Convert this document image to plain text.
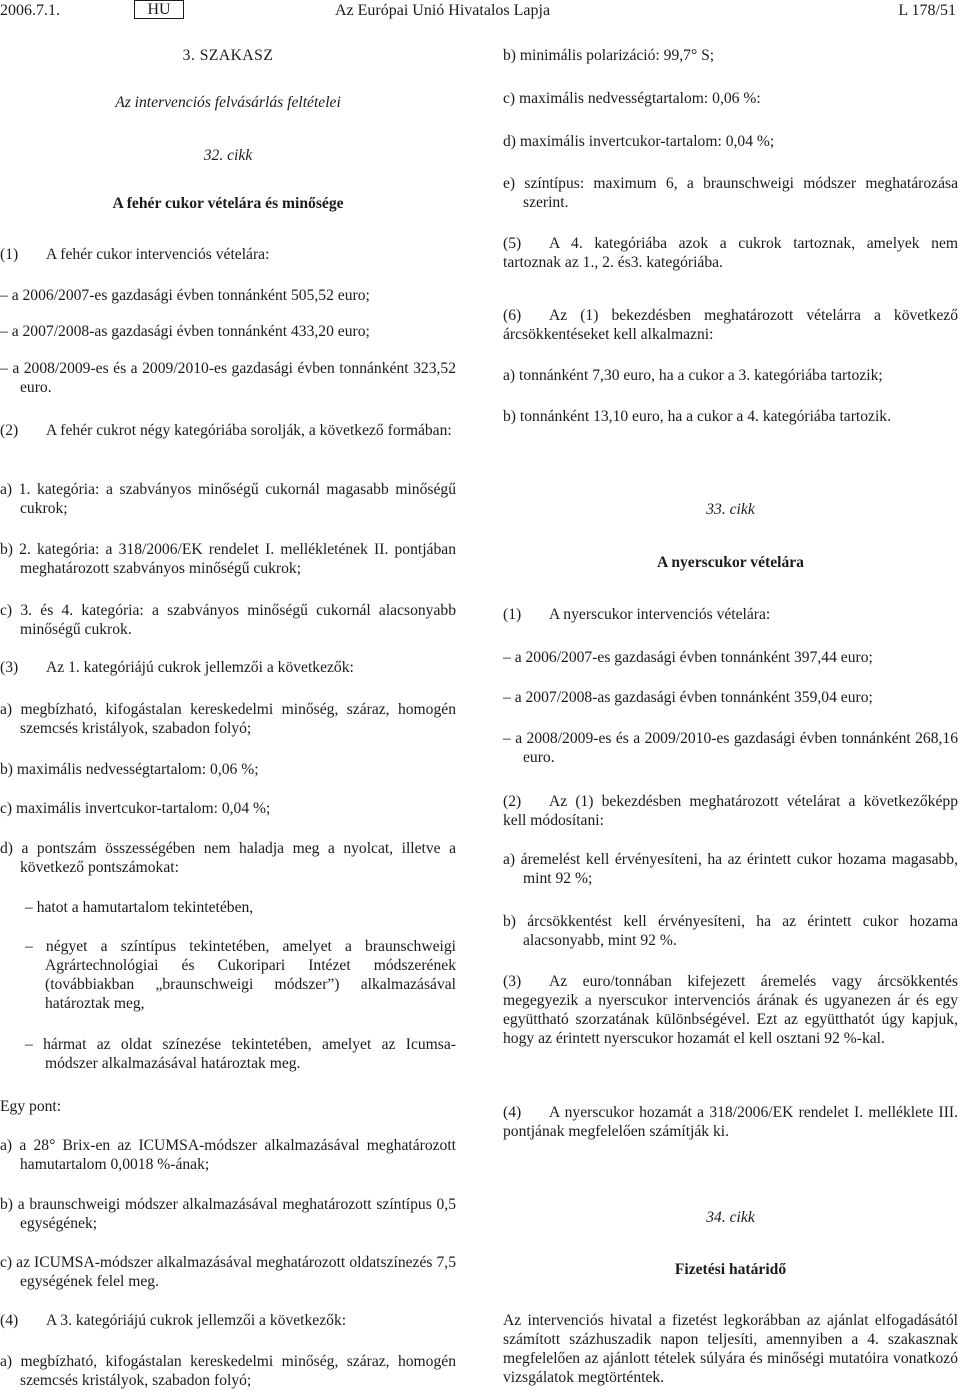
2006.7.1.	HU	Az Európai Unió Hivatalos Lapja	L 178/51
3. SZAKASZ
Az intervenciós felvásárlás feltételei
32. cikk
A fehér cukor vételára és minősége
(1) A fehér cukor intervenciós vételára:
– a 2006/2007-es gazdasági évben tonnánként 505,52 euro;
– a 2007/2008-as gazdasági évben tonnánként 433,20 euro;
– a 2008/2009-es és a 2009/2010-es gazdasági évben tonnánként 323,52 euro.
(2) A fehér cukrot négy kategóriába sorolják, a következő formában:
a) 1. kategória: a szabványos minőségű cukornál magasabb minőségű cukrok;
b) 2. kategória: a 318/2006/EK rendelet I. mellékletének II. pontjában meghatározott szabványos minőségű cukrok;
c) 3. és 4. kategória: a szabványos minőségű cukornál alacsonyabb minőségű cukrok.
(3) Az 1. kategóriájú cukrok jellemzői a következők:
a) megbízható, kifogástalan kereskedelmi minőség, száraz, homogén szemcsés kristályok, szabadon folyó;
b) maximális nedvességtartalom: 0,06 %;
c) maximális invertcukor-tartalom: 0,04 %;
d) a pontszám összességében nem haladja meg a nyolcat, illetve a következő pontszámokat:
– hatot a hamutartalom tekintetében,
– négyet a színtípus tekintetében, amelyet a braunschweigi Agrártechnológiai és Cukoripari Intézet módszerének (továbbiakban „braunschweigi módszer”) alkalmazásával határoztak meg,
– hármat az oldat színezése tekintetében, amelyet az Icumsa-módszer alkalmazásával határoztak meg.
Egy pont:
a) a 28° Brix-en az ICUMSA-módszer alkalmazásával meghatározott hamutartalom 0,0018 %-ának;
b) a braunschweigi módszer alkalmazásával meghatározott színtípus 0,5 egységének;
c) az ICUMSA-módszer alkalmazásával meghatározott oldatszínezés 7,5 egységének felel meg.
(4) A 3. kategóriájú cukrok jellemzői a következők:
a) megbízható, kifogástalan kereskedelmi minőség, száraz, homogén szemcsés kristályok, szabadon folyó;
b) minimális polarizáció: 99,7° S;
c) maximális nedvességtartalom: 0,06 %:
d) maximális invertcukor-tartalom: 0,04 %;
e) színtípus: maximum 6, a braunschweigi módszer meghatározása szerint.
(5) A 4. kategóriába azok a cukrok tartoznak, amelyek nem tartoznak az 1., 2. és3. kategóriába.
(6) Az (1) bekezdésben meghatározott vételárra a következő árcsökkentéseket kell alkalmazni:
a) tonnánként 7,30 euro, ha a cukor a 3. kategóriába tartozik;
b) tonnánként 13,10 euro, ha a cukor a 4. kategóriába tartozik.
33. cikk
A nyerscukor vételára
(1) A nyerscukor intervenciós vételára:
– a 2006/2007-es gazdasági évben tonnánként 397,44 euro;
– a 2007/2008-as gazdasági évben tonnánként 359,04 euro;
– a 2008/2009-es és a 2009/2010-es gazdasági évben tonnánként 268,16 euro.
(2) Az (1) bekezdésben meghatározott vételárat a következőképp kell módosítani:
a) áremelést kell érvényesíteni, ha az érintett cukor hozama magasabb, mint 92 %;
b) árcsökkentést kell érvényesíteni, ha az érintett cukor hozama alacsonyabb, mint 92 %.
(3) Az euro/tonnában kifejezett áremelés vagy árcsökkentés megegyezik a nyerscukor intervenciós árának és ugyanezen ár és egy együttható szorzatának különbségével. Ezt az együtthatót úgy kapjuk, hogy az érintett nyerscukor hozamát el kell osztani 92 %-kal.
(4) A nyerscukor hozamát a 318/2006/EK rendelet I. melléklete III. pontjának megfelelően számítják ki.
34. cikk
Fizetési határidő
Az intervenciós hivatal a fizetést legkorábban az ajánlat elfogadásától számított százhuszadik napon teljesíti, amennyiben a 4. szakasznak megfelelően az ajánlott tételek súlyára és minőségi mutatóira vonatkozó vizsgálatok megtörténtek.
